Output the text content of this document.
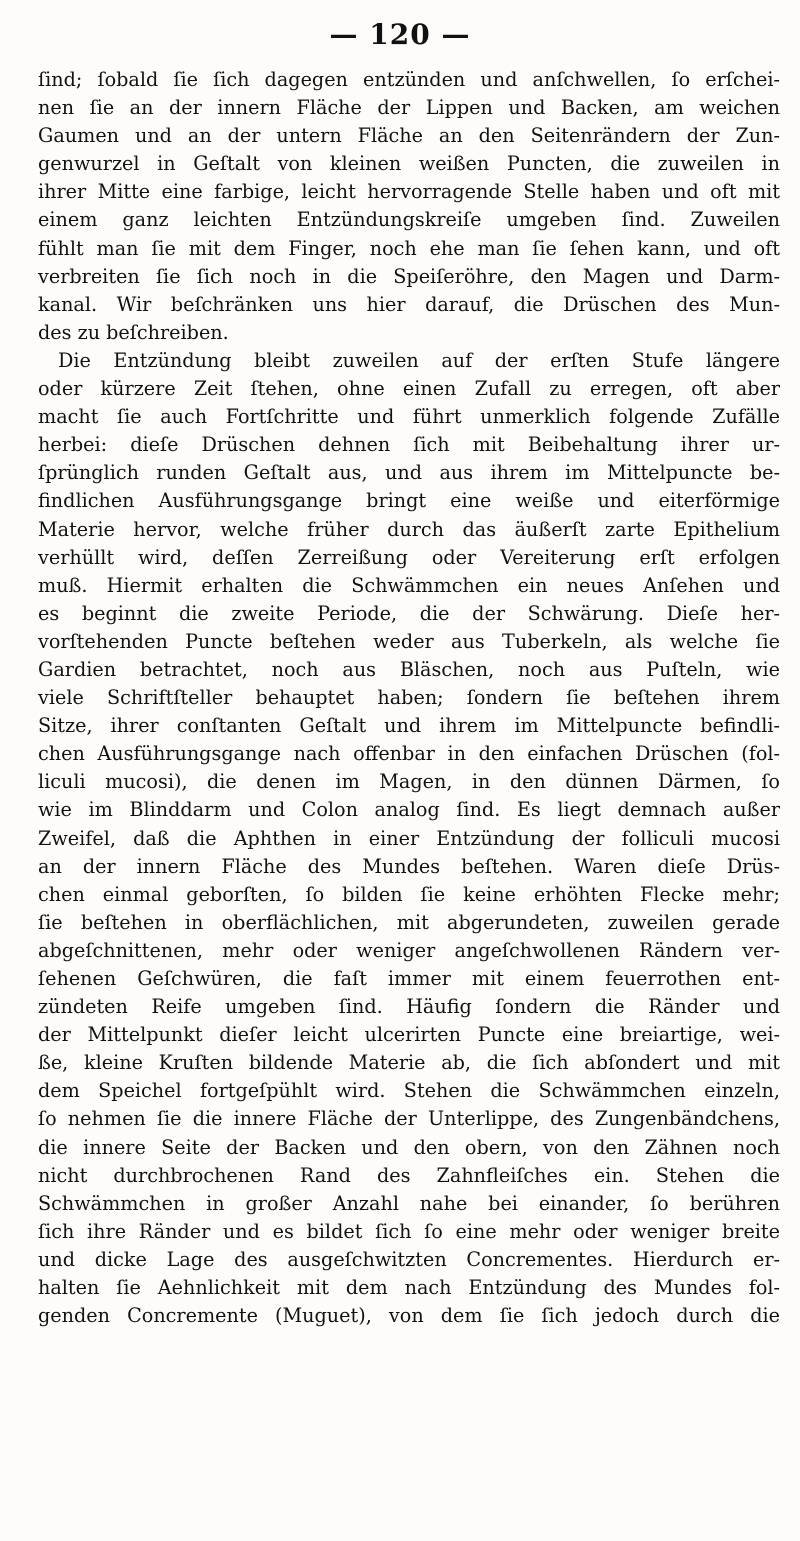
— 120 —
ſind; ſobald ſie ſich dagegen entzünden und anſchwellen, ſo erſchei-
nen ſie an der innern Fläche der Lippen und Backen, am weichen
Gaumen und an der untern Fläche an den Seitenrändern der Zun-
genwurzel in Geſtalt von kleinen weißen Puncten, die zuweilen in
ihrer Mitte eine farbige, leicht hervorragende Stelle haben und oft mit
einem ganz leichten Entzündungskreiſe umgeben ſind. Zuweilen
fühlt man ſie mit dem Finger, noch ehe man ſie ſehen kann, und oft
verbreiten ſie ſich noch in die Speiſeröhre, den Magen und Darm-
kanal. Wir beſchränken uns hier darauf, die Drüschen des Mun-
des zu beſchreiben.
Die Entzündung bleibt zuweilen auf der erſten Stufe längere
oder kürzere Zeit ſtehen, ohne einen Zufall zu erregen, oft aber
macht ſie auch Fortſchritte und führt unmerklich folgende Zufälle
herbei: dieſe Drüschen dehnen ſich mit Beibehaltung ihrer ur-
ſprünglich runden Geſtalt aus, und aus ihrem im Mittelpuncte be-
findlichen Ausführungsgange bringt eine weiße und eiterförmige
Materie hervor, welche früher durch das äußerſt zarte Epithelium
verhüllt wird, deſſen Zerreißung oder Vereiterung erſt erfolgen
muß. Hiermit erhalten die Schwämmchen ein neues Anſehen und
es beginnt die zweite Periode, die der Schwärung. Dieſe her-
vorſtehenden Puncte beſtehen weder aus Tuberkeln, als welche ſie
Gardien betrachtet, noch aus Bläschen, noch aus Puſteln, wie
viele Schriftſteller behauptet haben; ſondern ſie beſtehen ihrem
Sitze, ihrer conſtanten Geſtalt und ihrem im Mittelpuncte befindli-
chen Ausführungsgange nach offenbar in den einfachen Drüschen (fol-
liculi mucosi), die denen im Magen, in den dünnen Därmen, ſo
wie im Blinddarm und Colon analog ſind. Es liegt demnach außer
Zweifel, daß die Aphthen in einer Entzündung der folliculi mucosi
an der innern Fläche des Mundes beſtehen. Waren dieſe Drüs-
chen einmal geborſten, ſo bilden ſie keine erhöhten Flecke mehr;
ſie beſtehen in oberflächlichen, mit abgerundeten, zuweilen gerade
abgeſchnittenen, mehr oder weniger angeſchwollenen Rändern ver-
ſehenen Geſchwüren, die faſt immer mit einem feuerrothen ent-
zündeten Reife umgeben ſind. Häufig ſondern die Ränder und
der Mittelpunkt dieſer leicht ulcerirten Puncte eine breiartige, wei-
ße, kleine Kruſten bildende Materie ab, die ſich abſondert und mit
dem Speichel fortgeſpühlt wird. Stehen die Schwämmchen einzeln,
ſo nehmen ſie die innere Fläche der Unterlippe, des Zungenbändchens,
die innere Seite der Backen und den obern, von den Zähnen noch
nicht durchbrochenen Rand des Zahnfleiſches ein. Stehen die
Schwämmchen in großer Anzahl nahe bei einander, ſo berühren
ſich ihre Ränder und es bildet ſich ſo eine mehr oder weniger breite
und dicke Lage des ausgeſchwitzten Concrementes. Hierdurch er-
halten ſie Aehnlichkeit mit dem nach Entzündung des Mundes fol-
genden Concremente (Muguet), von dem ſie ſich jedoch durch die
